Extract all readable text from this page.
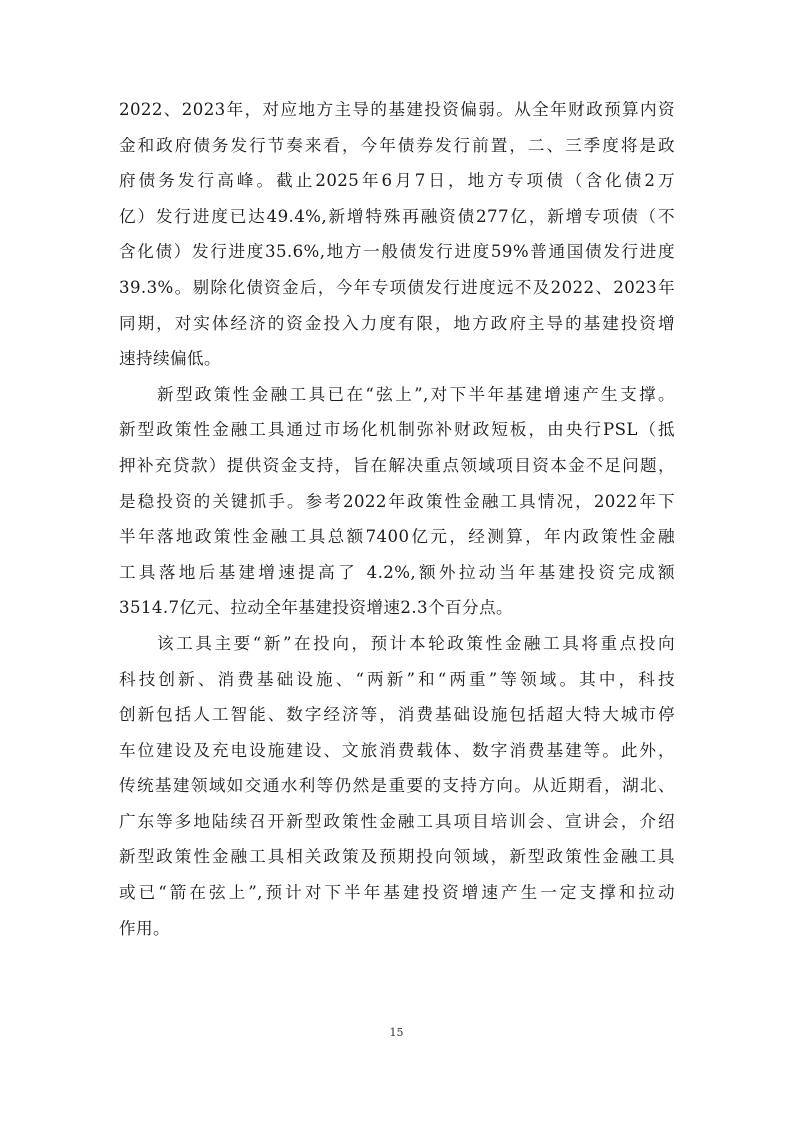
2022、2023年，对应地方主导的基建投资偏弱。从全年财政预算内资
金和政府债务发行节奏来看，今年债券发行前置，二、三季度将是政
府债务发行高峰。截止2025年6月7日，地方专项债（含化债2万
亿）发行进度已达49.4%,新增特殊再融资债277亿，新增专项债（不
含化债）发行进度35.6%,地方一般债发行进度59%普通国债发行进度
39.3%。剔除化债资金后，今年专项债发行进度远不及2022、2023年
同期，对实体经济的资金投入力度有限，地方政府主导的基建投资增
速持续偏低。
新型政策性金融工具已在“弦上”,对下半年基建增速产生支撑。
新型政策性金融工具通过市场化机制弥补财政短板，由央行PSL（抵
押补充贷款）提供资金支持，旨在解决重点领域项目资本金不足问题，
是稳投资的关键抓手。参考2022年政策性金融工具情况，2022年下
半年落地政策性金融工具总额7400亿元，经测算，年内政策性金融
工具落地后基建增速提高了 4.2%,额外拉动当年基建投资完成额
3514.7亿元、拉动全年基建投资增速2.3个百分点。
该工具主要“新”在投向，预计本轮政策性金融工具将重点投向
科技创新、消费基础设施、“两新”和“两重”等领域。其中，科技
创新包括人工智能、数字经济等，消费基础设施包括超大特大城市停
车位建设及充电设施建设、文旅消费载体、数字消费基建等。此外，
传统基建领域如交通水利等仍然是重要的支持方向。从近期看，湖北、
广东等多地陆续召开新型政策性金融工具项目培训会、宣讲会，介绍
新型政策性金融工具相关政策及预期投向领域，新型政策性金融工具
或已“箭在弦上”,预计对下半年基建投资增速产生一定支撑和拉动
作用。
15
